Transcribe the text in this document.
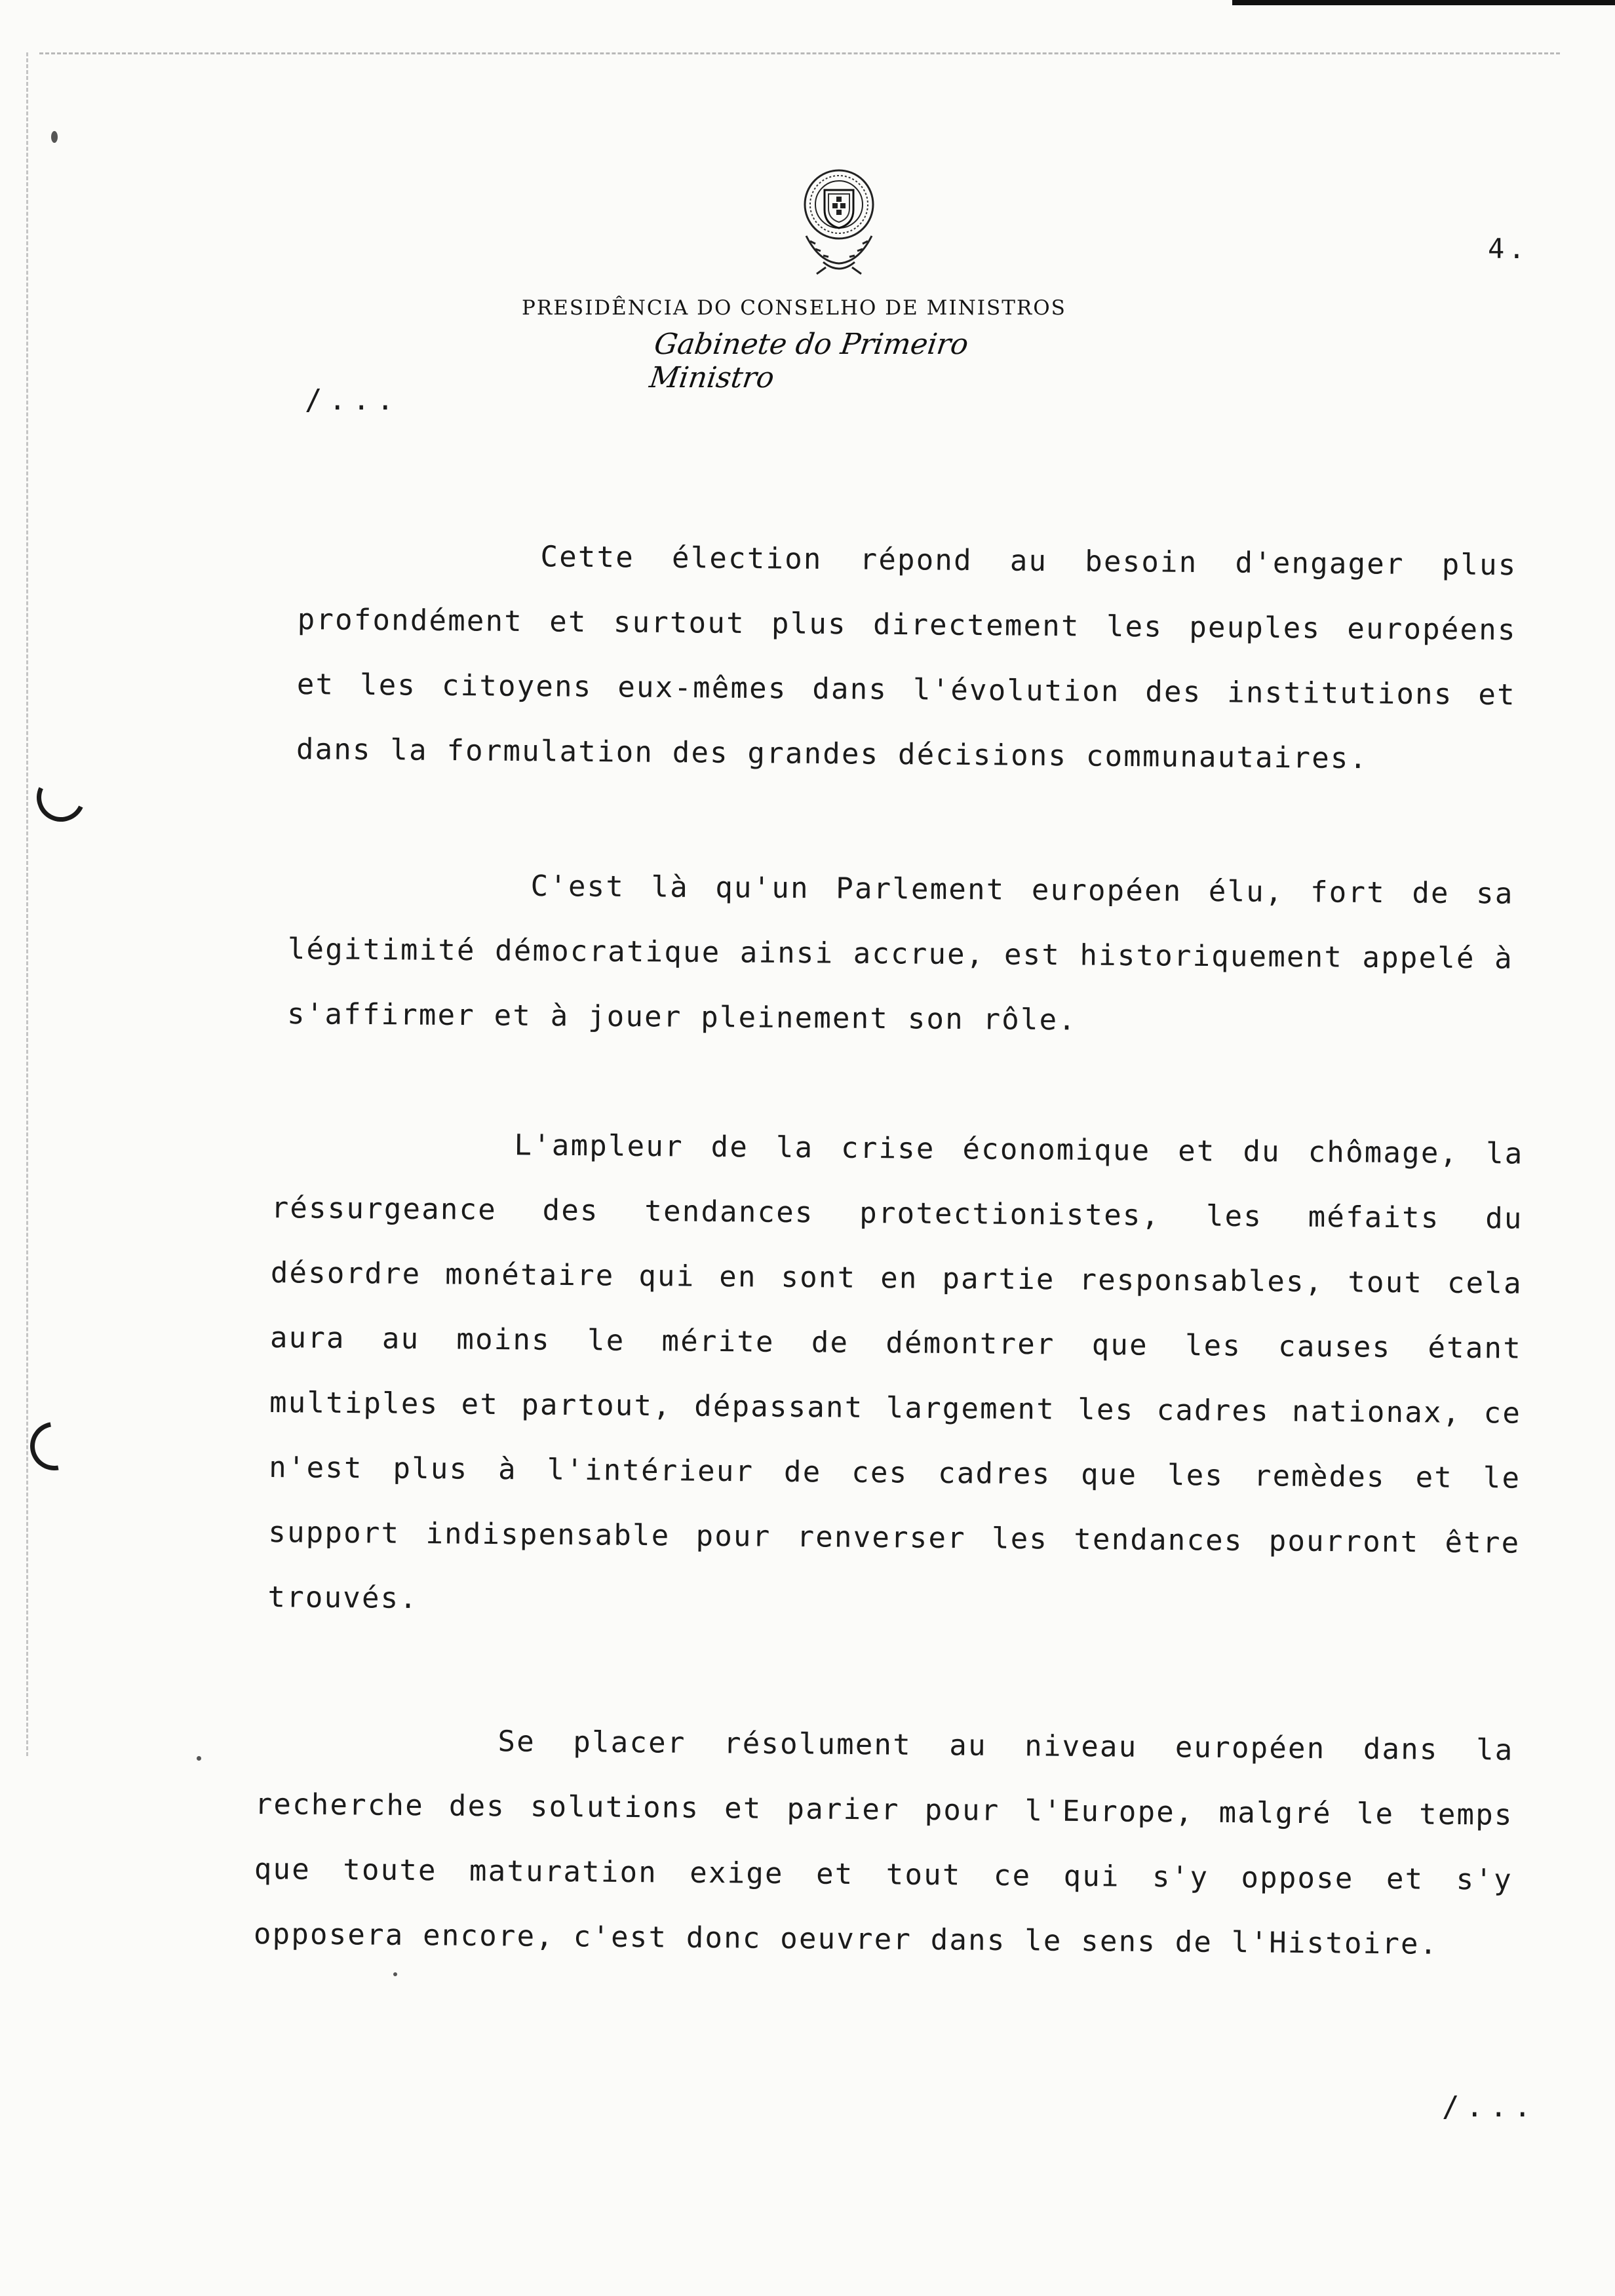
4.
PRESIDÊNCIA DO CONSELHO DE MINISTROS
Gabinete do Primeiro Ministro
/...

Cette élection répond au besoin d'engager plus profondément et surtout plus directement les peuples européens et les citoyens eux-mêmes dans l'évolution des institutions et dans la formulation des grandes décisions communautaires.

C'est là qu'un Parlement européen élu, fort de sa légitimité démocratique ainsi accrue, est historiquement appelé à s'affirmer et à jouer pleinement son rôle.

L'ampleur de la crise économique et du chômage, la réssurgeance des tendances protectionistes, les méfaits du désordre monétaire qui en sont en partie responsables, tout cela aura au moins le mérite de démontrer que les causes étant multiples et partout, dépassant largement les cadres nationax, ce n'est plus à l'intérieur de ces cadres que les remèdes et le support indispensable pour renverser les tendances pourront être trouvés.

Se placer résolument au niveau européen dans la recherche des solutions et parier pour l'Europe, malgré le temps que toute maturation exige et tout ce qui s'y oppose et s'y opposera encore, c'est donc oeuvrer dans le sens de l'Histoire.

/...
